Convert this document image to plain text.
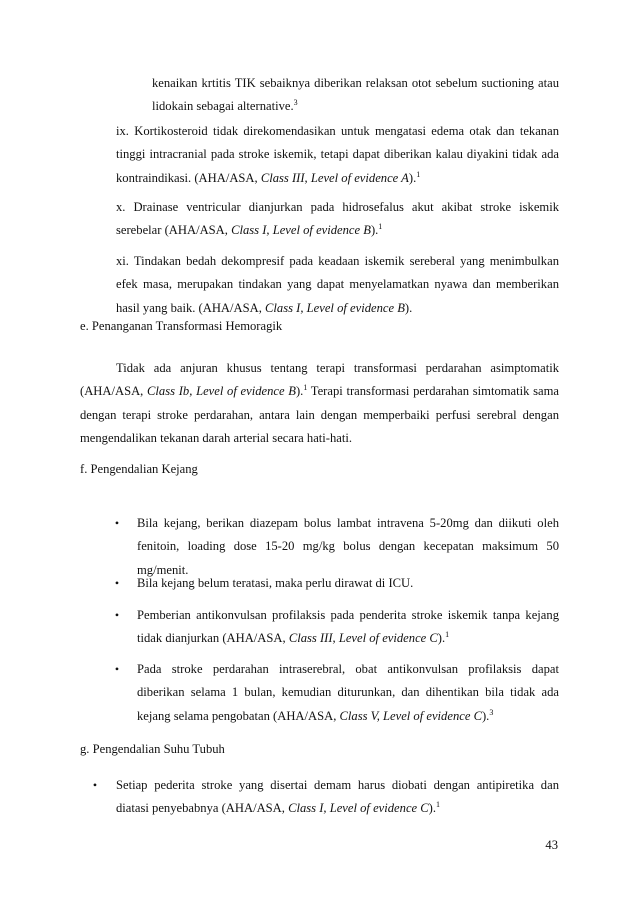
kenaikan krtitis TIK sebaiknya diberikan relaksan otot sebelum suctioning atau lidokain sebagai alternative.$^3$

ix. Kortikosteroid tidak direkomendasikan untuk mengatasi edema otak dan tekanan tinggi intracranial pada stroke iskemik, tetapi dapat diberikan kalau diyakini tidak ada kontraindikasi. (AHA/ASA, Class III, Level of evidence A).$^1$

x. Drainase ventricular dianjurkan pada hidrosefalus akut akibat stroke iskemik serebelar (AHA/ASA, Class I, Level of evidence B).$^1$

xi. Tindakan bedah dekompresif pada keadaan iskemik sereberal yang menimbulkan efek masa, merupakan tindakan yang dapat menyelamatkan nyawa dan memberikan hasil yang baik. (AHA/ASA, Class I, Level of evidence B).

e. Penanganan Transformasi Hemoragik

Tidak ada anjuran khusus tentang terapi transformasi perdarahan asimptomatik (AHA/ASA, Class Ib, Level of evidence B).$^1$ Terapi transformasi perdarahan simtomatik sama dengan terapi stroke perdarahan, antara lain dengan memperbaiki perfusi serebral dengan mengendalikan tekanan darah arterial secara hati-hati.

f. Pengendalian Kejang

•	Bila kejang, berikan diazepam bolus lambat intravena 5-20mg dan diikuti oleh fenitoin, loading dose 15-20 mg/kg bolus dengan kecepatan maksimum 50 mg/menit.

•	Bila kejang belum teratasi, maka perlu dirawat di ICU.

•	Pemberian antikonvulsan profilaksis pada penderita stroke iskemik tanpa kejang tidak dianjurkan (AHA/ASA, Class III, Level of evidence C).$^1$

•	Pada stroke perdarahan intraserebral, obat antikonvulsan profilaksis dapat diberikan selama 1 bulan, kemudian diturunkan, dan dihentikan bila tidak ada kejang selama pengobatan (AHA/ASA, Class V, Level of evidence C).$^3$

g. Pengendalian Suhu Tubuh

•	Setiap pederita stroke yang disertai demam harus diobati dengan antipiretika dan diatasi penyebabnya (AHA/ASA, Class I, Level of evidence C).$^1$

43
